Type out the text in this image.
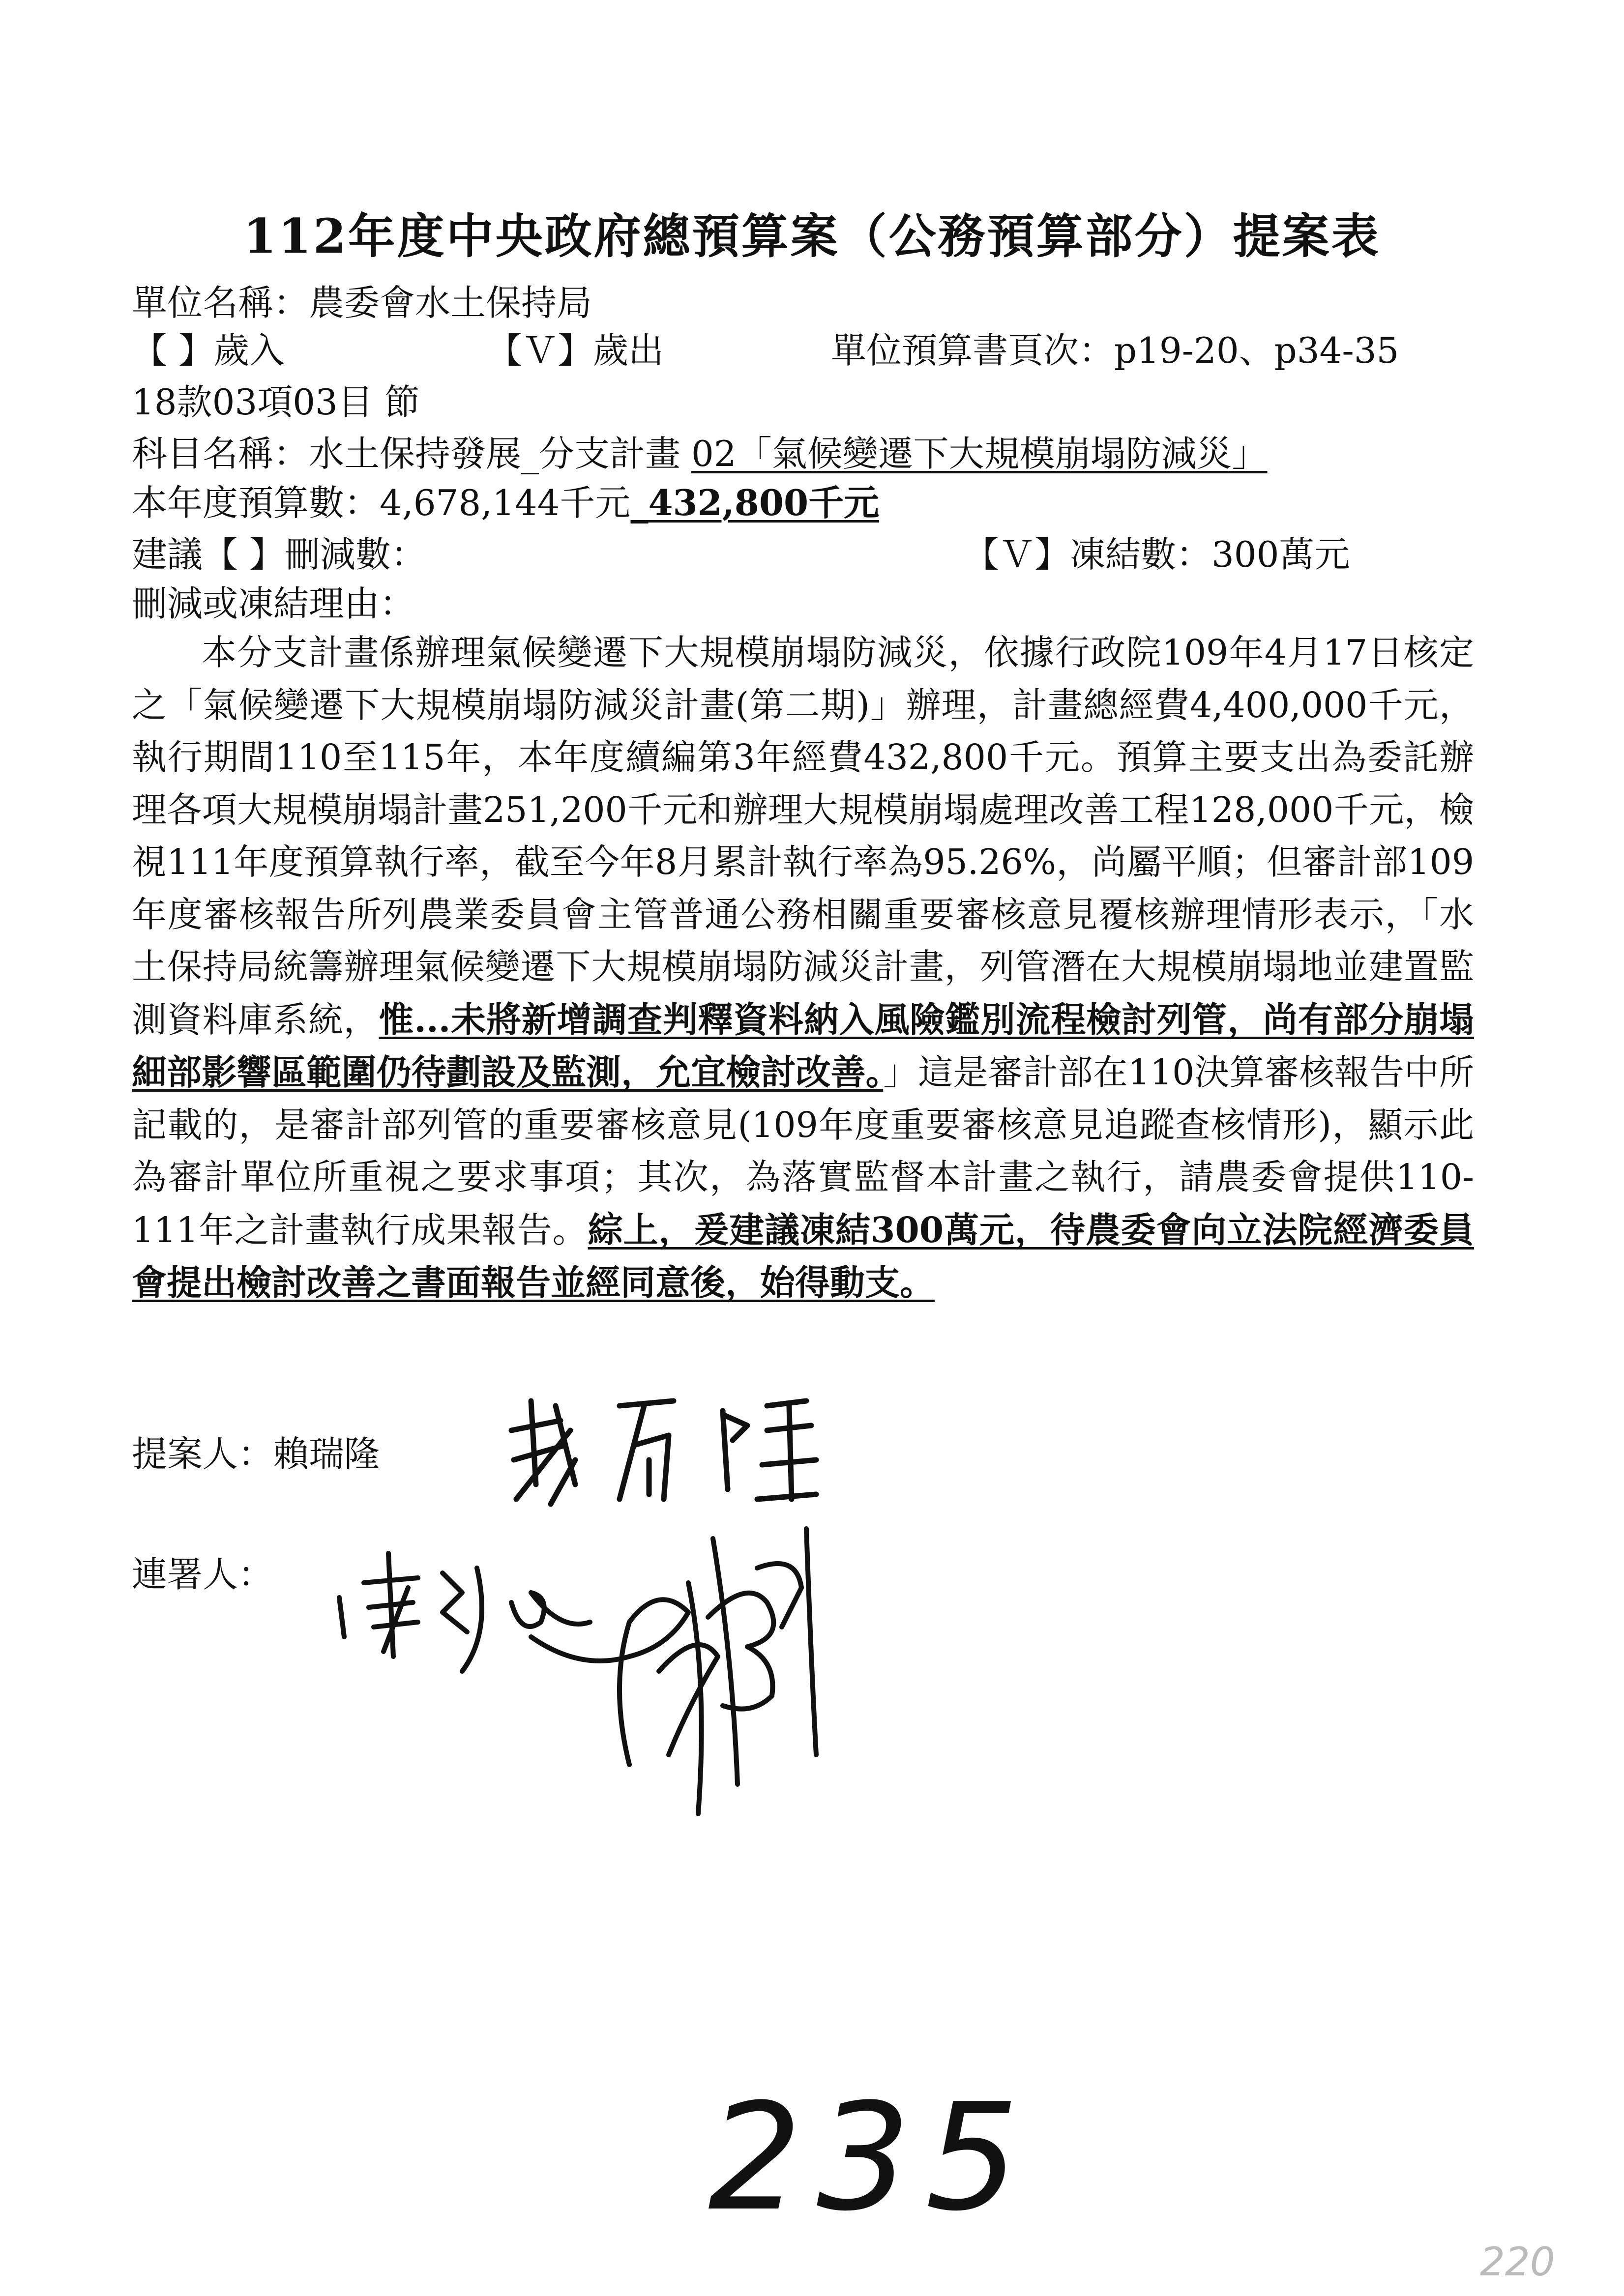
112年度中央政府總預算案（公務預算部分）提案表
單位名稱：農委會水土保持局
【 】歲入	【Ｖ】歲出	單位預算書頁次：p19-20、p34-35
18款03項03目 節
科目名稱：水土保持發展_分支計畫 02「氣候變遷下大規模崩塌防減災」
本年度預算數：4,678,144千元_432,800千元
建議【 】刪減數：	【Ｖ】凍結數：300萬元
刪減或凍結理由：
本分支計畫係辦理氣候變遷下大規模崩塌防減災，依據行政院109年4月17日核定之「氣候變遷下大規模崩塌防減災計畫(第二期)」辦理，計畫總經費4,400,000千元，執行期間110至115年，本年度續編第3年經費432,800千元。預算主要支出為委託辦理各項大規模崩塌計畫251,200千元和辦理大規模崩塌處理改善工程128,000千元，檢視111年度預算執行率，截至今年8月累計執行率為95.26%，尚屬平順；但審計部109年度審核報告所列農業委員會主管普通公務相關重要審核意見覆核辦理情形表示，「水土保持局統籌辦理氣候變遷下大規模崩塌防減災計畫，列管潛在大規模崩塌地並建置監測資料庫系統，惟...未將新增調查判釋資料納入風險鑑別流程檢討列管，尚有部分崩塌細部影響區範圍仍待劃設及監測，允宜檢討改善。」這是審計部在110決算審核報告中所記載的，是審計部列管的重要審核意見(109年度重要審核意見追蹤查核情形)，顯示此為審計單位所重視之要求事項；其次，為落實監督本計畫之執行，請農委會提供110-111年之計畫執行成果報告。綜上，爰建議凍結300萬元，待農委會向立法院經濟委員會提出檢討改善之書面報告並經同意後，始得動支。
提案人：賴瑞隆
連署人：
235
220
